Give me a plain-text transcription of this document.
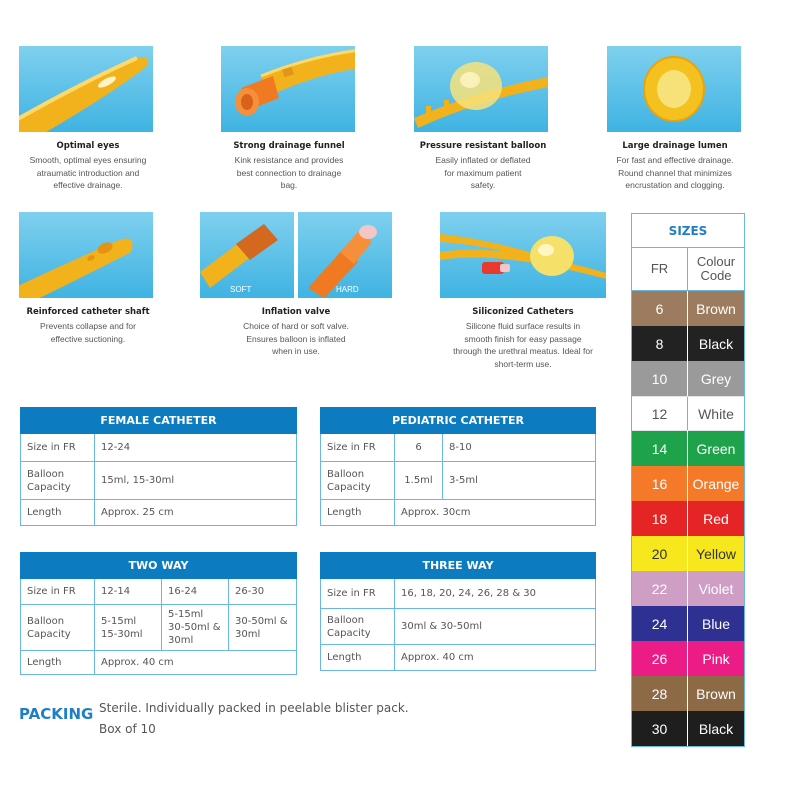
Optimal eyes
Smooth, optimal eyes ensuring
atraumatic introduction and
effective drainage.
Strong drainage funnel
Kink resistance and provides
best connection to drainage
bag.
Pressure resistant balloon
Easily inflated or deflated
for maximum patient
safety.
Large drainage lumen
For fast and effective drainage.
Round channel that minimizes
encrustation and clogging.
Reinforced catheter shaft
Prevents collapse and for
effective suctioning.
SOFT	HARD
Inflation valve
Choice of hard or soft valve.
Ensures balloon is inflated
when in use.
Siliconized Catheters
Silicone fluid surface results in
smooth finish for easy passage
through the urethral meatus. Ideal for
short-term use.
FEMALE CATHETER	
Size in FR	12-24
Balloon Capacity	15ml, 15-30ml
Length	Approx. 25 cm
PEDIATRIC CATHETER		
Size in FR	6	8-10
Balloon Capacity	1.5ml	3-5ml
Length	Approx. 30cm	
TWO WAY			
Size in FR	12-14	16-24	26-30
Balloon Capacity	5-15ml 15-30ml	5-15ml 30-50ml & 30ml	30-50ml & 30ml
Length	Approx. 40 cm		
THREE WAY	
Size in FR	16, 18, 20, 24, 26, 28 & 30
Balloon Capacity	30ml & 30-50ml
Length	Approx. 40 cm
SIZES
FR	Colour Code
6	Brown
8	Black
10	Grey
12	White
14	Green
16	Orange
18	Red
20	Yellow
22	Violet
24	Blue
26	Pink
28	Brown
30	Black
PACKING Sterile. Individually packed in peelable blister pack.
Box of 10
